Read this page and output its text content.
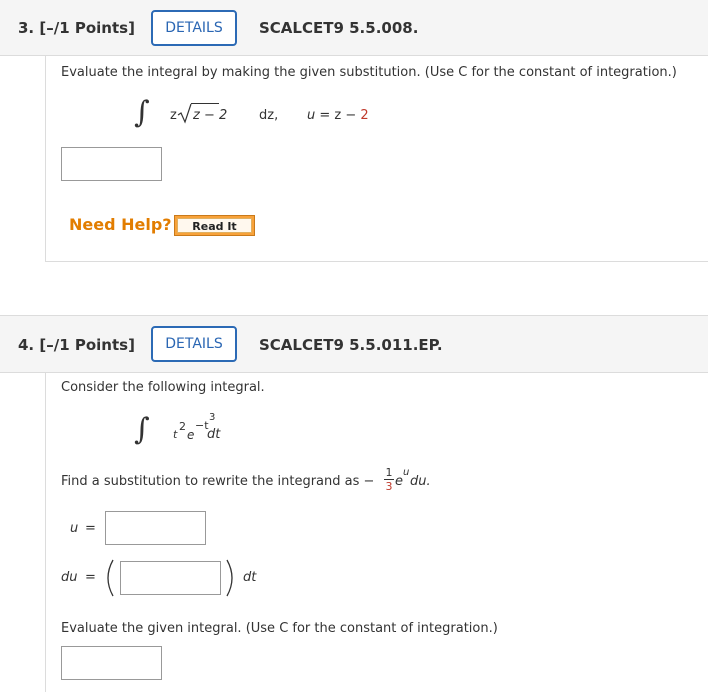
3. [–/1 Points]	DETAILS	SCALCET9 5.5.008.
Evaluate the integral by making the given substitution. (Use C for the constant of integration.)
∫ z z − 2 dz, u = z − 2
Need Help?	Read It
4. [–/1 Points]	DETAILS	SCALCET9 5.5.011.EP.
Consider the following integral.
∫ t
2
e
−t
3
dt
Find a substitution to rewrite the integrand as −
1
3 e
u
du.
u =
du =	dt
Evaluate the given integral. (Use C for the constant of integration.)
